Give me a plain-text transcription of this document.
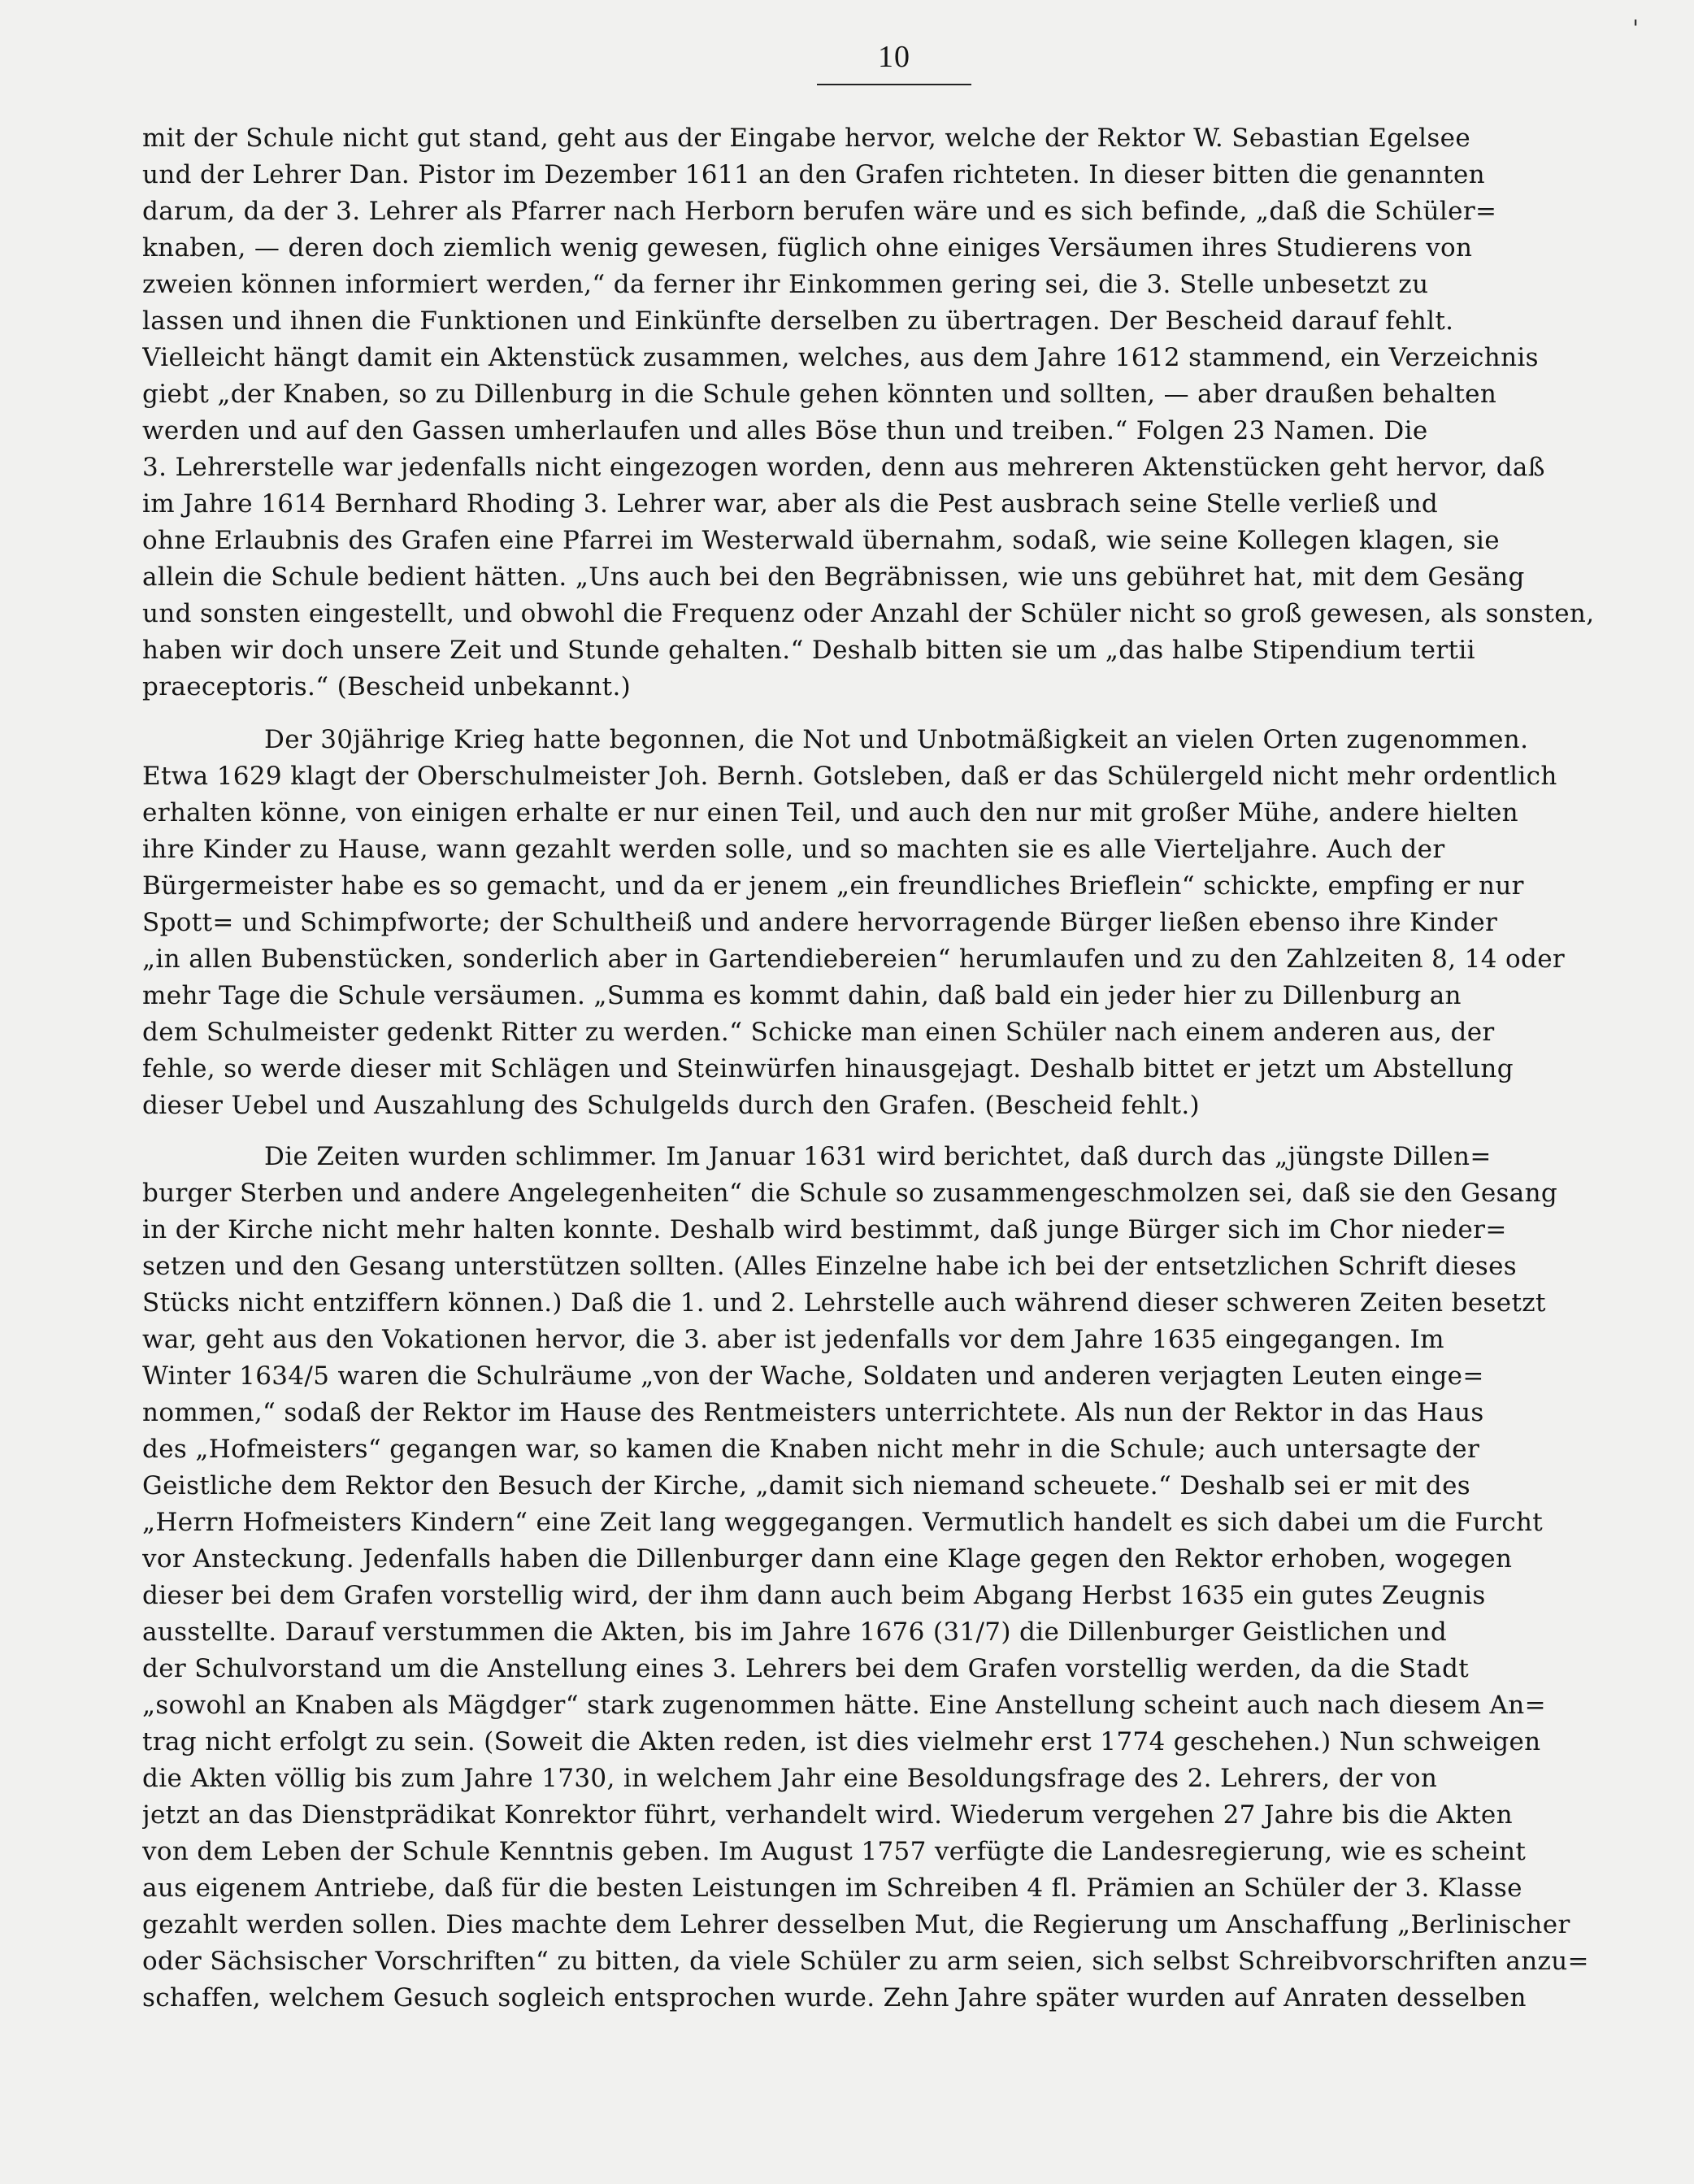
'
10
mit der Schule nicht gut stand, geht aus der Eingabe hervor, welche der Rektor W. Sebastian Egelsee
und der Lehrer Dan. Pistor im Dezember 1611 an den Grafen richteten. In dieser bitten die genannten
darum, da der 3. Lehrer als Pfarrer nach Herborn berufen wäre und es sich befinde, „daß die Schüler=
knaben, — deren doch ziemlich wenig gewesen, füglich ohne einiges Versäumen ihres Studierens von
zweien können informiert werden,“ da ferner ihr Einkommen gering sei, die 3. Stelle unbesetzt zu
lassen und ihnen die Funktionen und Einkünfte derselben zu übertragen. Der Bescheid darauf fehlt.
Vielleicht hängt damit ein Aktenstück zusammen, welches, aus dem Jahre 1612 stammend, ein Verzeichnis
giebt „der Knaben, so zu Dillenburg in die Schule gehen könnten und sollten, — aber draußen behalten
werden und auf den Gassen umherlaufen und alles Böse thun und treiben.“ Folgen 23 Namen. Die
3. Lehrerstelle war jedenfalls nicht eingezogen worden, denn aus mehreren Aktenstücken geht hervor, daß
im Jahre 1614 Bernhard Rhoding 3. Lehrer war, aber als die Pest ausbrach seine Stelle verließ und
ohne Erlaubnis des Grafen eine Pfarrei im Westerwald übernahm, sodaß, wie seine Kollegen klagen, sie
allein die Schule bedient hätten. „Uns auch bei den Begräbnissen, wie uns gebühret hat, mit dem Gesäng
und sonsten eingestellt, und obwohl die Frequenz oder Anzahl der Schüler nicht so groß gewesen, als sonsten,
haben wir doch unsere Zeit und Stunde gehalten.“ Deshalb bitten sie um „das halbe Stipendium tertii
praeceptoris.“ (Bescheid unbekannt.)
Der 30jährige Krieg hatte begonnen, die Not und Unbotmäßigkeit an vielen Orten zugenommen.
Etwa 1629 klagt der Oberschulmeister Joh. Bernh. Gotsleben, daß er das Schülergeld nicht mehr ordentlich
erhalten könne, von einigen erhalte er nur einen Teil, und auch den nur mit großer Mühe, andere hielten
ihre Kinder zu Hause, wann gezahlt werden solle, und so machten sie es alle Vierteljahre. Auch der
Bürgermeister habe es so gemacht, und da er jenem „ein freundliches Brieflein“ schickte, empfing er nur
Spott= und Schimpfworte; der Schultheiß und andere hervorragende Bürger ließen ebenso ihre Kinder
„in allen Bubenstücken, sonderlich aber in Gartendiebereien“ herumlaufen und zu den Zahlzeiten 8, 14 oder
mehr Tage die Schule versäumen. „Summa es kommt dahin, daß bald ein jeder hier zu Dillenburg an
dem Schulmeister gedenkt Ritter zu werden.“ Schicke man einen Schüler nach einem anderen aus, der
fehle, so werde dieser mit Schlägen und Steinwürfen hinausgejagt. Deshalb bittet er jetzt um Abstellung
dieser Uebel und Auszahlung des Schulgelds durch den Grafen. (Bescheid fehlt.)
Die Zeiten wurden schlimmer. Im Januar 1631 wird berichtet, daß durch das „jüngste Dillen=
burger Sterben und andere Angelegenheiten“ die Schule so zusammengeschmolzen sei, daß sie den Gesang
in der Kirche nicht mehr halten konnte. Deshalb wird bestimmt, daß junge Bürger sich im Chor nieder=
setzen und den Gesang unterstützen sollten. (Alles Einzelne habe ich bei der entsetzlichen Schrift dieses
Stücks nicht entziffern können.) Daß die 1. und 2. Lehrstelle auch während dieser schweren Zeiten besetzt
war, geht aus den Vokationen hervor, die 3. aber ist jedenfalls vor dem Jahre 1635 eingegangen. Im
Winter 1634/5 waren die Schulräume „von der Wache, Soldaten und anderen verjagten Leuten einge=
nommen,“ sodaß der Rektor im Hause des Rentmeisters unterrichtete. Als nun der Rektor in das Haus
des „Hofmeisters“ gegangen war, so kamen die Knaben nicht mehr in die Schule; auch untersagte der
Geistliche dem Rektor den Besuch der Kirche, „damit sich niemand scheuete.“ Deshalb sei er mit des
„Herrn Hofmeisters Kindern“ eine Zeit lang weggegangen. Vermutlich handelt es sich dabei um die Furcht
vor Ansteckung. Jedenfalls haben die Dillenburger dann eine Klage gegen den Rektor erhoben, wogegen
dieser bei dem Grafen vorstellig wird, der ihm dann auch beim Abgang Herbst 1635 ein gutes Zeugnis
ausstellte. Darauf verstummen die Akten, bis im Jahre 1676 (31/7) die Dillenburger Geistlichen und
der Schulvorstand um die Anstellung eines 3. Lehrers bei dem Grafen vorstellig werden, da die Stadt
„sowohl an Knaben als Mägdger“ stark zugenommen hätte. Eine Anstellung scheint auch nach diesem An=
trag nicht erfolgt zu sein. (Soweit die Akten reden, ist dies vielmehr erst 1774 geschehen.) Nun schweigen
die Akten völlig bis zum Jahre 1730, in welchem Jahr eine Besoldungsfrage des 2. Lehrers, der von
jetzt an das Dienstprädikat Konrektor führt, verhandelt wird. Wiederum vergehen 27 Jahre bis die Akten
von dem Leben der Schule Kenntnis geben. Im August 1757 verfügte die Landesregierung, wie es scheint
aus eigenem Antriebe, daß für die besten Leistungen im Schreiben 4 fl. Prämien an Schüler der 3. Klasse
gezahlt werden sollen. Dies machte dem Lehrer desselben Mut, die Regierung um Anschaffung „Berlinischer
oder Sächsischer Vorschriften“ zu bitten, da viele Schüler zu arm seien, sich selbst Schreibvorschriften anzu=
schaffen, welchem Gesuch sogleich entsprochen wurde. Zehn Jahre später wurden auf Anraten desselben
